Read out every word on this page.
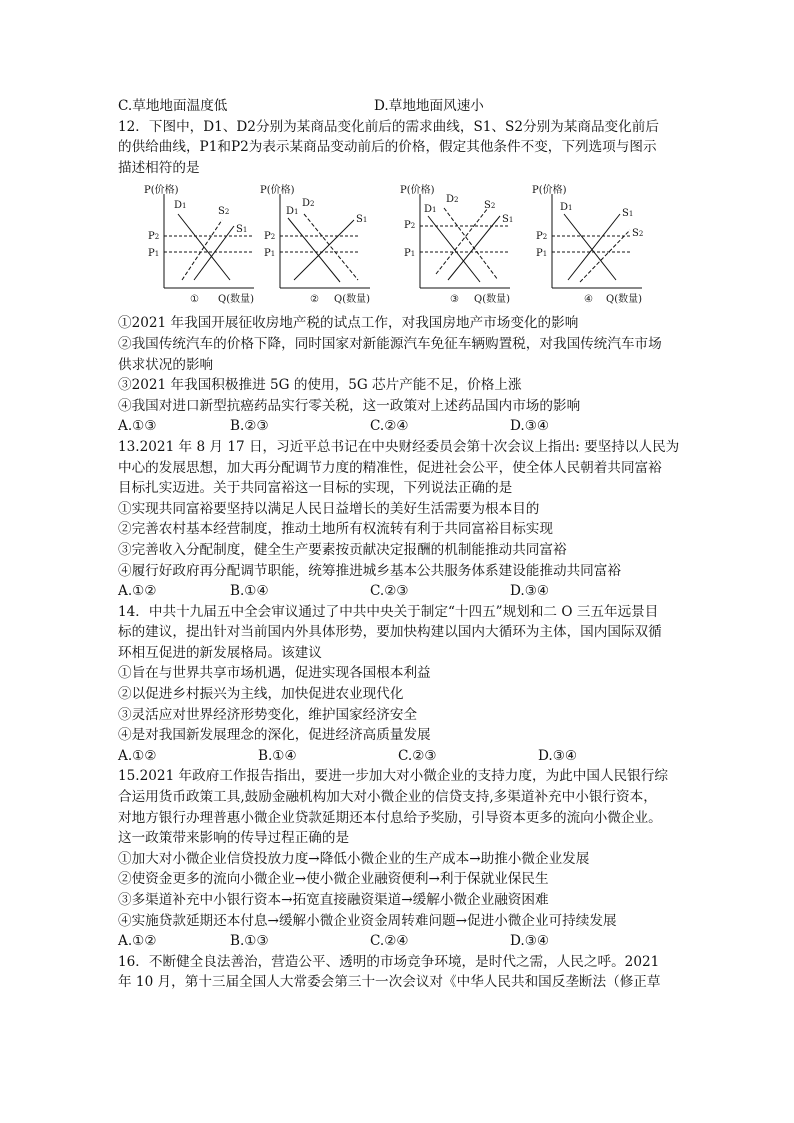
C.草地地面温度低	D.草地地面风速小
12．下图中，D1、D2分别为某商品变化前后的需求曲线，S1、S2分别为某商品变化前后
的供给曲线，P1和P2为表示某商品变动前后的价格，假定其他条件不变，下列选项与图示
描述相符的是
P(价格)
① Q(数量)
P2
P1
D1	S2
S1
P(价格)
② Q(数量)
P2
P1
D1
D2
S1
P(价格)
③ Q(数量)
P2
P1
D1
D2	S2
S1
P(价格)
④ Q(数量)
P2
P1
D1	S1
S2
①2021 年我国开展征收房地产税的试点工作，对我国房地产市场变化的影响
②我国传统汽车的价格下降，同时国家对新能源汽车免征车辆购置税，对我国传统汽车市场
供求状况的影响
③2021 年我国积极推进 5G 的使用，5G 芯片产能不足，价格上涨
④我国对进口新型抗癌药品实行零关税，这一政策对上述药品国内市场的影响
A.①③	B.②③	C.②④	D.③④
13.2021 年 8 月 17 日，习近平总书记在中央财经委员会第十次会议上指出: 要坚持以人民为
中心的发展思想，加大再分配调节力度的精准性，促进社会公平，使全体人民朝着共同富裕
目标扎实迈进。关于共同富裕这一目标的实现，下列说法正确的是
①实现共同富裕要坚持以满足人民日益增长的美好生活需要为根本目的
②完善农村基本经营制度，推动土地所有权流转有利于共同富裕目标实现
③完善收入分配制度，健全生产要素按贡献决定报酬的机制能推动共同富裕
④履行好政府再分配调节职能，统筹推进城乡基本公共服务体系建设能推动共同富裕
A.①②	B.①④	C.②③	D.③④
14．中共十九届五中全会审议通过了中共中央关于制定“十四五”规划和二 O 三五年远景目
标的建议，提出针对当前国内外具体形势，要加快构建以国内大循环为主体，国内国际双循
环相互促进的新发展格局。该建议
①旨在与世界共享市场机遇，促进实现各国根本利益
②以促进乡村振兴为主线，加快促进农业现代化
③灵活应对世界经济形势变化，维护国家经济安全
④是对我国新发展理念的深化，促进经济高质量发展
A.①②	B.①④	C.②③	D.③④
15.2021 年政府工作报告指出，要进一步加大对小微企业的支持力度，为此中国人民银行综
合运用货币政策工具,鼓励金融机构加大对小微企业的信贷支持,多渠道补充中小银行资本，
对地方银行办理普惠小微企业贷款延期还本付息给予奖励，引导资本更多的流向小微企业。
这一政策带来影响的传导过程正确的是
①加大对小微企业信贷投放力度→降低小微企业的生产成本→助推小微企业发展
②使资金更多的流向小微企业→使小微企业融资便利→利于保就业保民生
③多渠道补充中小银行资本→拓宽直接融资渠道→缓解小微企业融资困难
④实施贷款延期还本付息→缓解小微企业资金周转难问题→促进小微企业可持续发展
A.①②	B.①③	C.②④	D.③④
16．不断健全良法善治，营造公平、透明的市场竞争环境，是时代之需，人民之呼。2021
年 10 月，第十三届全国人大常委会第三十一次会议对《中华人民共和国反垄断法（修正草
